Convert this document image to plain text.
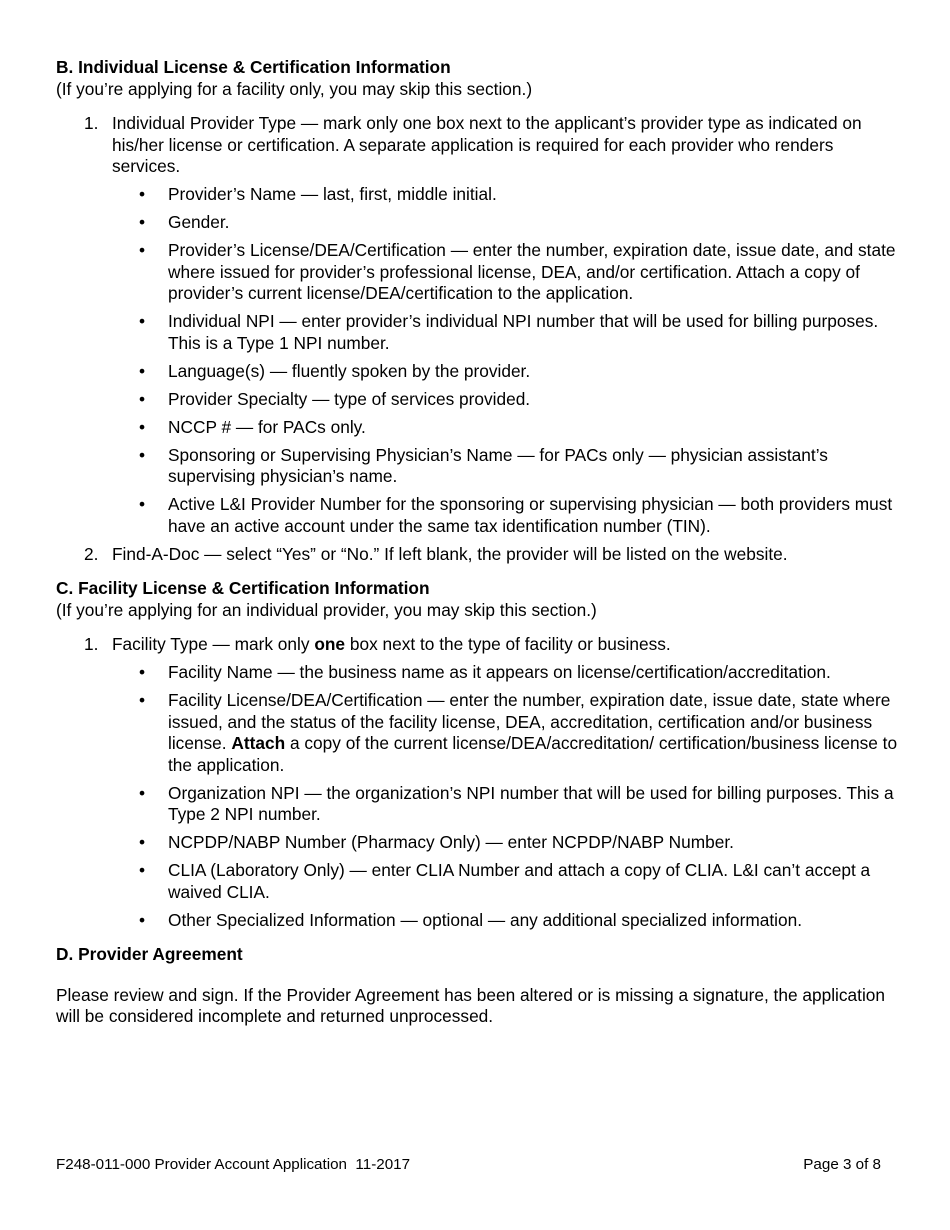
B. Individual License & Certification Information

(If you’re applying for a facility only, you may skip this section.)

1. Individual Provider Type — mark only one box next to the applicant’s provider type as indicated on his/her license or certification. A separate application is required for each provider who renders services.
• Provider’s Name — last, first, middle initial.
• Gender.
• Provider’s License/DEA/Certification — enter the number, expiration date, issue date, and state where issued for provider’s professional license, DEA, and/or certification. Attach a copy of provider’s current license/DEA/certification to the application.
• Individual NPI — enter provider’s individual NPI number that will be used for billing purposes. This is a Type 1 NPI number.
• Language(s) — fluently spoken by the provider.
• Provider Specialty — type of services provided.
• NCCP # — for PACs only.
• Sponsoring or Supervising Physician’s Name — for PACs only — physician assistant’s supervising physician’s name.
• Active L&I Provider Number for the sponsoring or supervising physician — both providers must have an active account under the same tax identification number (TIN).
2. Find-A-Doc — select “Yes” or “No.” If left blank, the provider will be listed on the website.

C. Facility License & Certification Information

(If you’re applying for an individual provider, you may skip this section.)

1. Facility Type — mark only one box next to the type of facility or business.
• Facility Name — the business name as it appears on license/certification/accreditation.
• Facility License/DEA/Certification — enter the number, expiration date, issue date, state where issued, and the status of the facility license, DEA, accreditation, certification and/or business license. Attach a copy of the current license/DEA/accreditation/ certification/business license to the application.
• Organization NPI — the organization’s NPI number that will be used for billing purposes. This a Type 2 NPI number.
• NCPDP/NABP Number (Pharmacy Only) — enter NCPDP/NABP Number.
• CLIA (Laboratory Only) — enter CLIA Number and attach a copy of CLIA. L&I can’t accept a waived CLIA.
• Other Specialized Information — optional — any additional specialized information.

D. Provider Agreement

Please review and sign. If the Provider Agreement has been altered or is missing a signature, the application will be considered incomplete and returned unprocessed.

F248-011-000 Provider Account Application  11-2017	Page 3 of 8
